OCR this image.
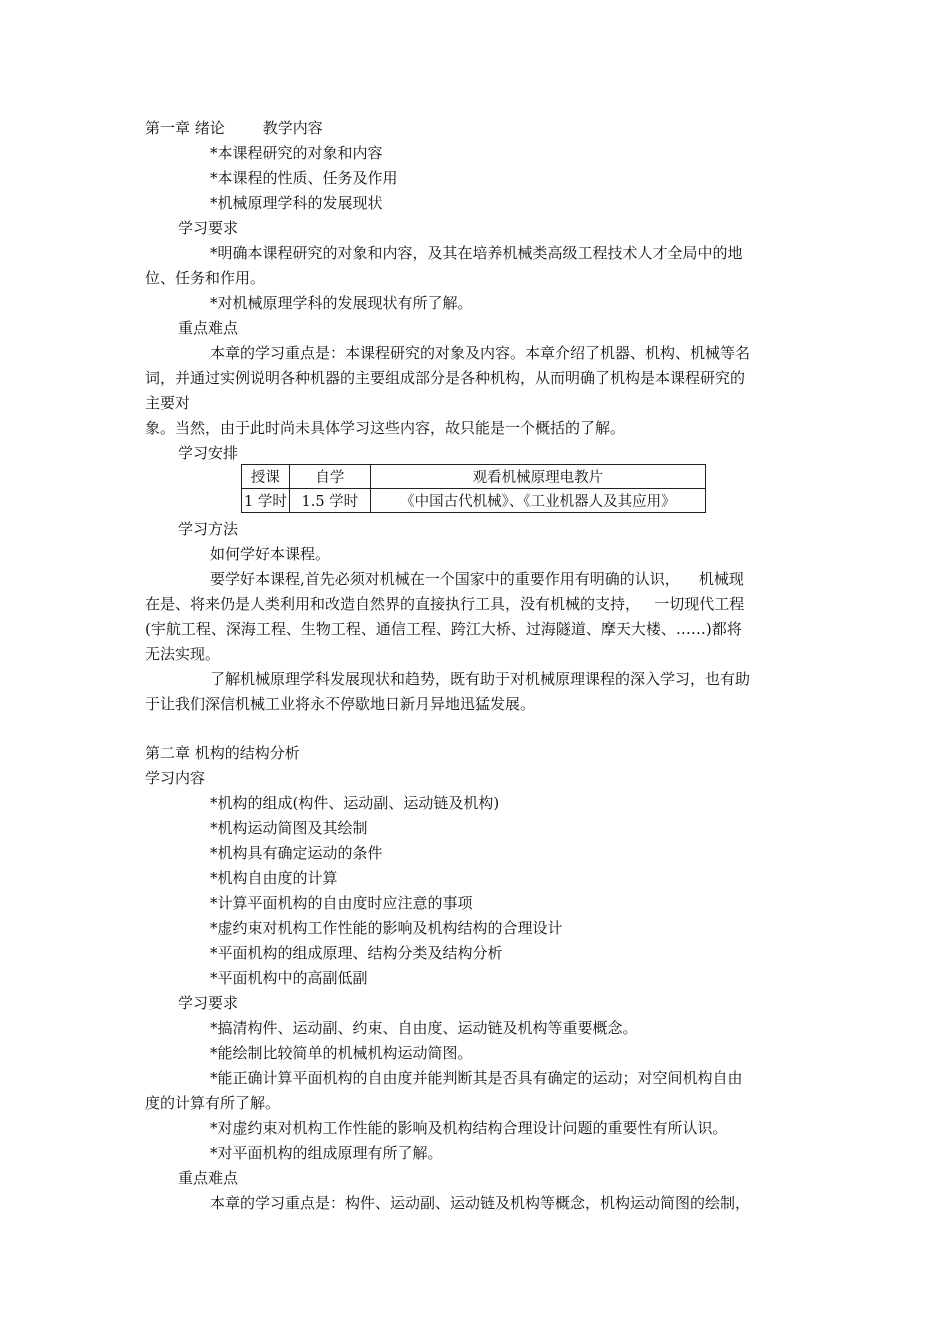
第一章 绪论	教学内容
*本课程研究的对象和内容
*本课程的性质、任务及作用
*机械原理学科的发展现状
学习要求
*明确本课程研究的对象和内容，及其在培养机械类高级工程技术人才全局中的地
位、任务和作用。
*对机械原理学科的发展现状有所了解。
重点难点
本章的学习重点是：本课程研究的对象及内容。本章介绍了机器、机构、机械等名
词，并通过实例说明各种机器的主要组成部分是各种机构，从而明确了机构是本课程研究的
主要对
象。当然，由于此时尚未具体学习这些内容，故只能是一个概括的了解。
学习安排
授课	自学	观看机械原理电教片
1 学时	1.5 学时	《中国古代机械》、《工业机器人及其应用》
学习方法
如何学好本课程。
要学好本课程,首先必须对机械在一个国家中的重要作用有明确的认识，    机械现
在是、将来仍是人类利用和改造自然界的直接执行工具，没有机械的支持，   一切现代工程
(宇航工程、深海工程、生物工程、通信工程、跨江大桥、过海隧道、摩天大楼、……)都将
无法实现。
了解机械原理学科发展现状和趋势，既有助于对机械原理课程的深入学习，也有助
于让我们深信机械工业将永不停歇地日新月异地迅猛发展。
第二章 机构的结构分析
学习内容
*机构的组成(构件、运动副、运动链及机构)
*机构运动简图及其绘制
*机构具有确定运动的条件
*机构自由度的计算
*计算平面机构的自由度时应注意的事项
*虚约束对机构工作性能的影响及机构结构的合理设计
*平面机构的组成原理、结构分类及结构分析
*平面机构中的高副低副
学习要求
*搞清构件、运动副、约束、自由度、运动链及机构等重要概念。
*能绘制比较简单的机械机构运动简图。
*能正确计算平面机构的自由度并能判断其是否具有确定的运动；对空间机构自由
度的计算有所了解。
*对虚约束对机构工作性能的影响及机构结构合理设计问题的重要性有所认识。
*对平面机构的组成原理有所了解。
重点难点
本章的学习重点是：构件、运动副、运动链及机构等概念，机构运动简图的绘制，
